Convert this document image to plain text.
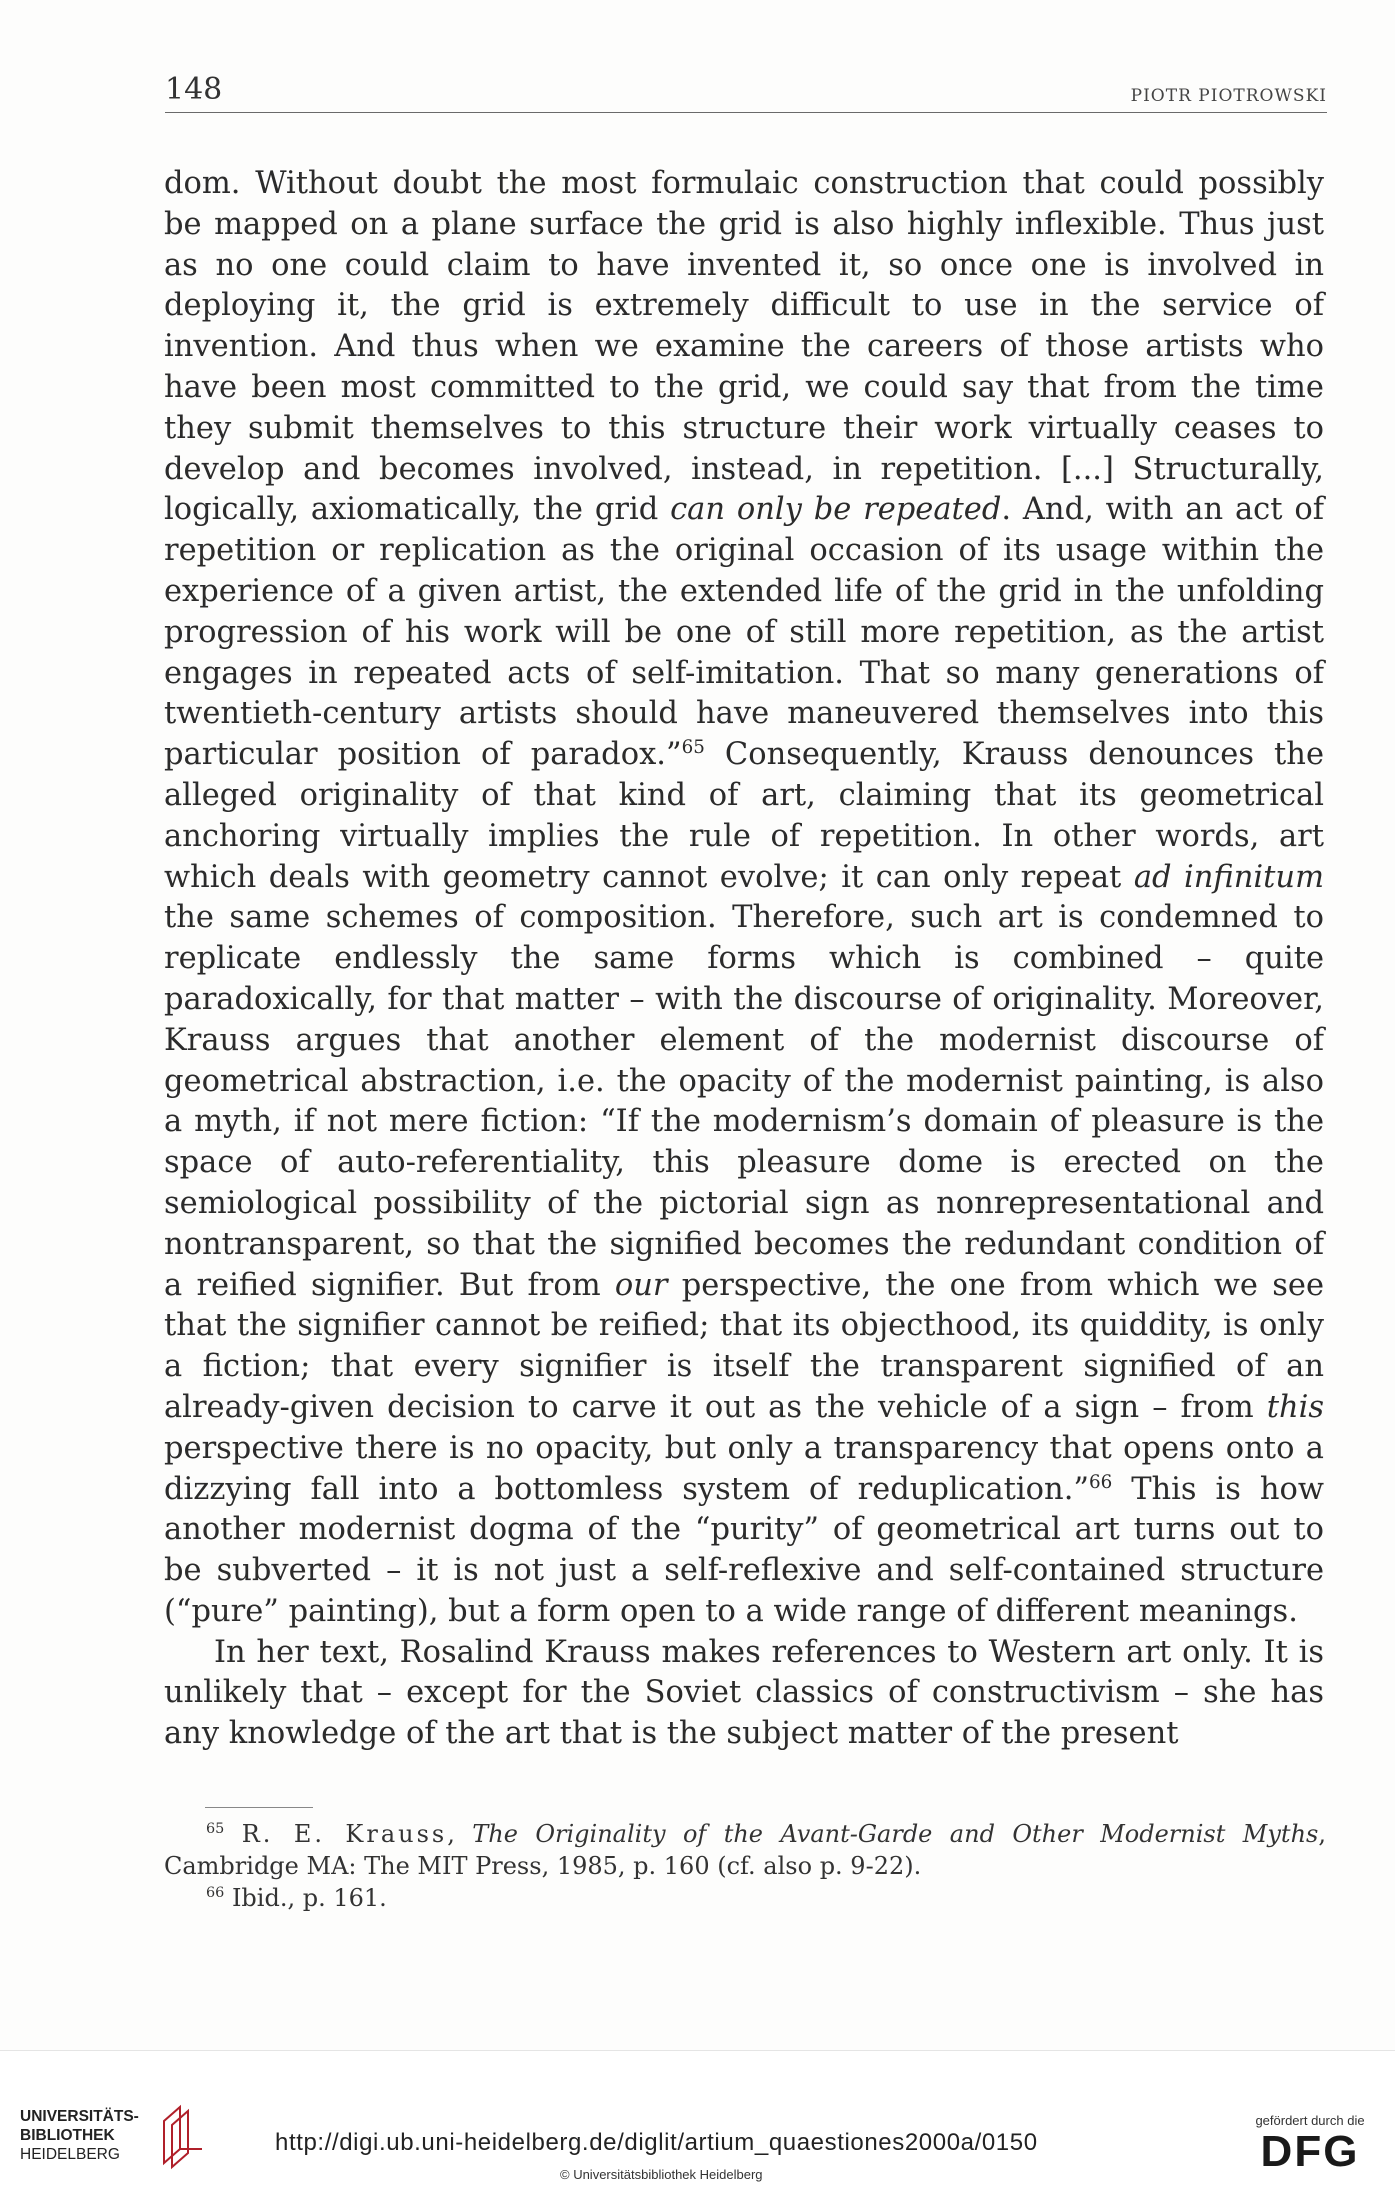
148	PIOTR PIOTROWSKI

dom. Without doubt the most formulaic construction that could possibly be mapped on a plane surface the grid is also highly inflexible. Thus just as no one could claim to have invented it, so once one is involved in deploying it, the grid is extremely difficult to use in the service of invention. And thus when we examine the careers of those artists who have been most committed to the grid, we could say that from the time they submit themselves to this structure their work virtually ceases to develop and becomes involved, instead, in repetition. [...] Structurally, logically, axiomatically, the grid can only be repeated. And, with an act of repetition or replication as the original occasion of its usage within the experience of a given artist, the extended life of the grid in the unfolding progression of his work will be one of still more repetition, as the artist engages in repeated acts of self-imitation. That so many generations of twentieth-century artists should have maneuvered themselves into this particular position of paradox.”$^{65}$ Consequently, Krauss denounces the alleged originality of that kind of art, claiming that its geometrical anchoring virtually implies the rule of repetition. In other words, art which deals with geometry cannot evolve; it can only repeat ad infinitum the same schemes of composition. Therefore, such art is condemned to replicate endlessly the same forms which is combined – quite paradoxically, for that matter – with the discourse of originality. Moreover, Krauss argues that another element of the modernist discourse of geometrical abstraction, i.e. the opacity of the modernist painting, is also a myth, if not mere fiction: “If the modernism’s domain of pleasure is the space of auto-referentiality, this pleasure dome is erected on the semiological possibility of the pictorial sign as nonrepresentational and nontransparent, so that the signified becomes the redundant condition of a reified signifier. But from our perspective, the one from which we see that the signifier cannot be reified; that its objecthood, its quiddity, is only a fiction; that every signifier is itself the transparent signified of an already-given decision to carve it out as the vehicle of a sign – from this perspective there is no opacity, but only a transparency that opens onto a dizzying fall into a bottomless system of reduplication.”$^{66}$ This is how another modernist dogma of the “purity” of geometrical art turns out to be subverted – it is not just a self-reflexive and self-contained structure (“pure” painting), but a form open to a wide range of different meanings.

In her text, Rosalind Krauss makes references to Western art only. It is unlikely that – except for the Soviet classics of constructivism – she has any knowledge of the art that is the subject matter of the present

$^{65}$ R. E. Krauss, The Originality of the Avant-Garde and Other Modernist Myths, Cambridge MA: The MIT Press, 1985, p. 160 (cf. also p. 9-22).

$^{66}$ Ibid., p. 161.

UNIVERSITÄTS-
BIBLIOTHEK
HEIDELBERG	http://digi.ub.uni-heidelberg.de/diglit/artium_quaestiones2000a/0150
© Universitätsbibliothek Heidelberg
gefördert durch die
DFG
